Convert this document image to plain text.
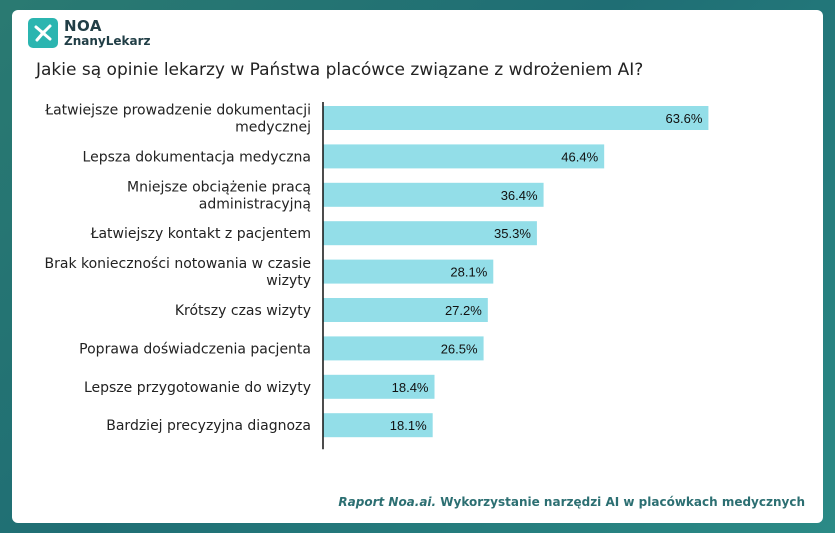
NOA
ZnanyLekarz
Jakie są opinie lekarzy w Państwa placówce związane z wdrożeniem AI?
63.6%
Łatwiejsze prowadzenie dokumentacji medycznej
46.4%
Lepsza dokumentacja medyczna
36.4%
Mniejsze obciążenie pracą administracyjną
35.3%
Łatwiejszy kontakt z pacjentem
28.1%
Brak konieczności notowania w czasie wizyty
27.2%
Krótszy czas wizyty
26.5%
Poprawa doświadczenia pacjenta
18.4%
Lepsze przygotowanie do wizyty
18.1%
Bardziej precyzyjna diagnoza
Raport Noa.ai. Wykorzystanie narzędzi AI w placówkach medycznych
